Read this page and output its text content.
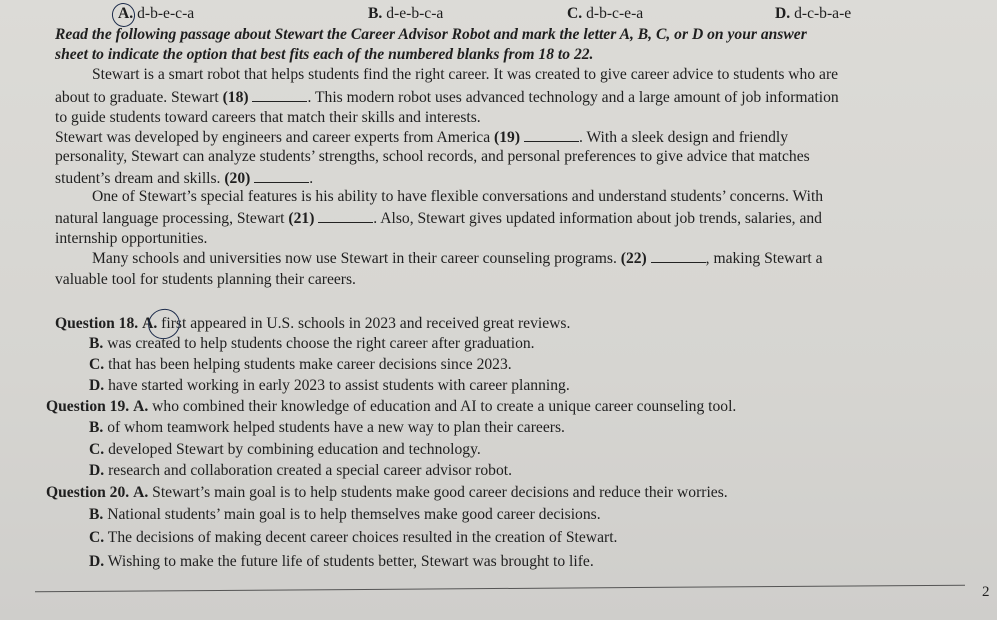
A. d-b-e-c-a	B. d-e-b-c-a	C. d-b-c-e-a	D. d-c-b-a-e
Read the following passage about Stewart the Career Advisor Robot and mark the letter A, B, C, or D on your answer
sheet to indicate the option that best fits each of the numbered blanks from 18 to 22.
Stewart is a smart robot that helps students find the right career. It was created to give career advice to students who are
about to graduate. Stewart (18)	. This modern robot uses advanced technology and a large amount of job information
to guide students toward careers that match their skills and interests.
Stewart was developed by engineers and career experts from America (19)	. With a sleek design and friendly
personality, Stewart can analyze students’ strengths, school records, and personal preferences to give advice that matches
student’s dream and skills. (20)	.
One of Stewart’s special features is his ability to have flexible conversations and understand students’ concerns. With
natural language processing, Stewart (21)	. Also, Stewart gives updated information about job trends, salaries, and
internship opportunities.
Many schools and universities now use Stewart in their career counseling programs. (22)	, making Stewart a
valuable tool for students planning their careers.
Question 18. A. first appeared in U.S. schools in 2023 and received great reviews.
B. was created to help students choose the right career after graduation.
C. that has been helping students make career decisions since 2023.
D. have started working in early 2023 to assist students with career planning.
Question 19. A. who combined their knowledge of education and AI to create a unique career counseling tool.
B. of whom teamwork helped students have a new way to plan their careers.
C. developed Stewart by combining education and technology.
D. research and collaboration created a special career advisor robot.
Question 20. A. Stewart’s main goal is to help students make good career decisions and reduce their worries.
B. National students’ main goal is to help themselves make good career decisions.
C. The decisions of making decent career choices resulted in the creation of Stewart.
D. Wishing to make the future life of students better, Stewart was brought to life.
2
